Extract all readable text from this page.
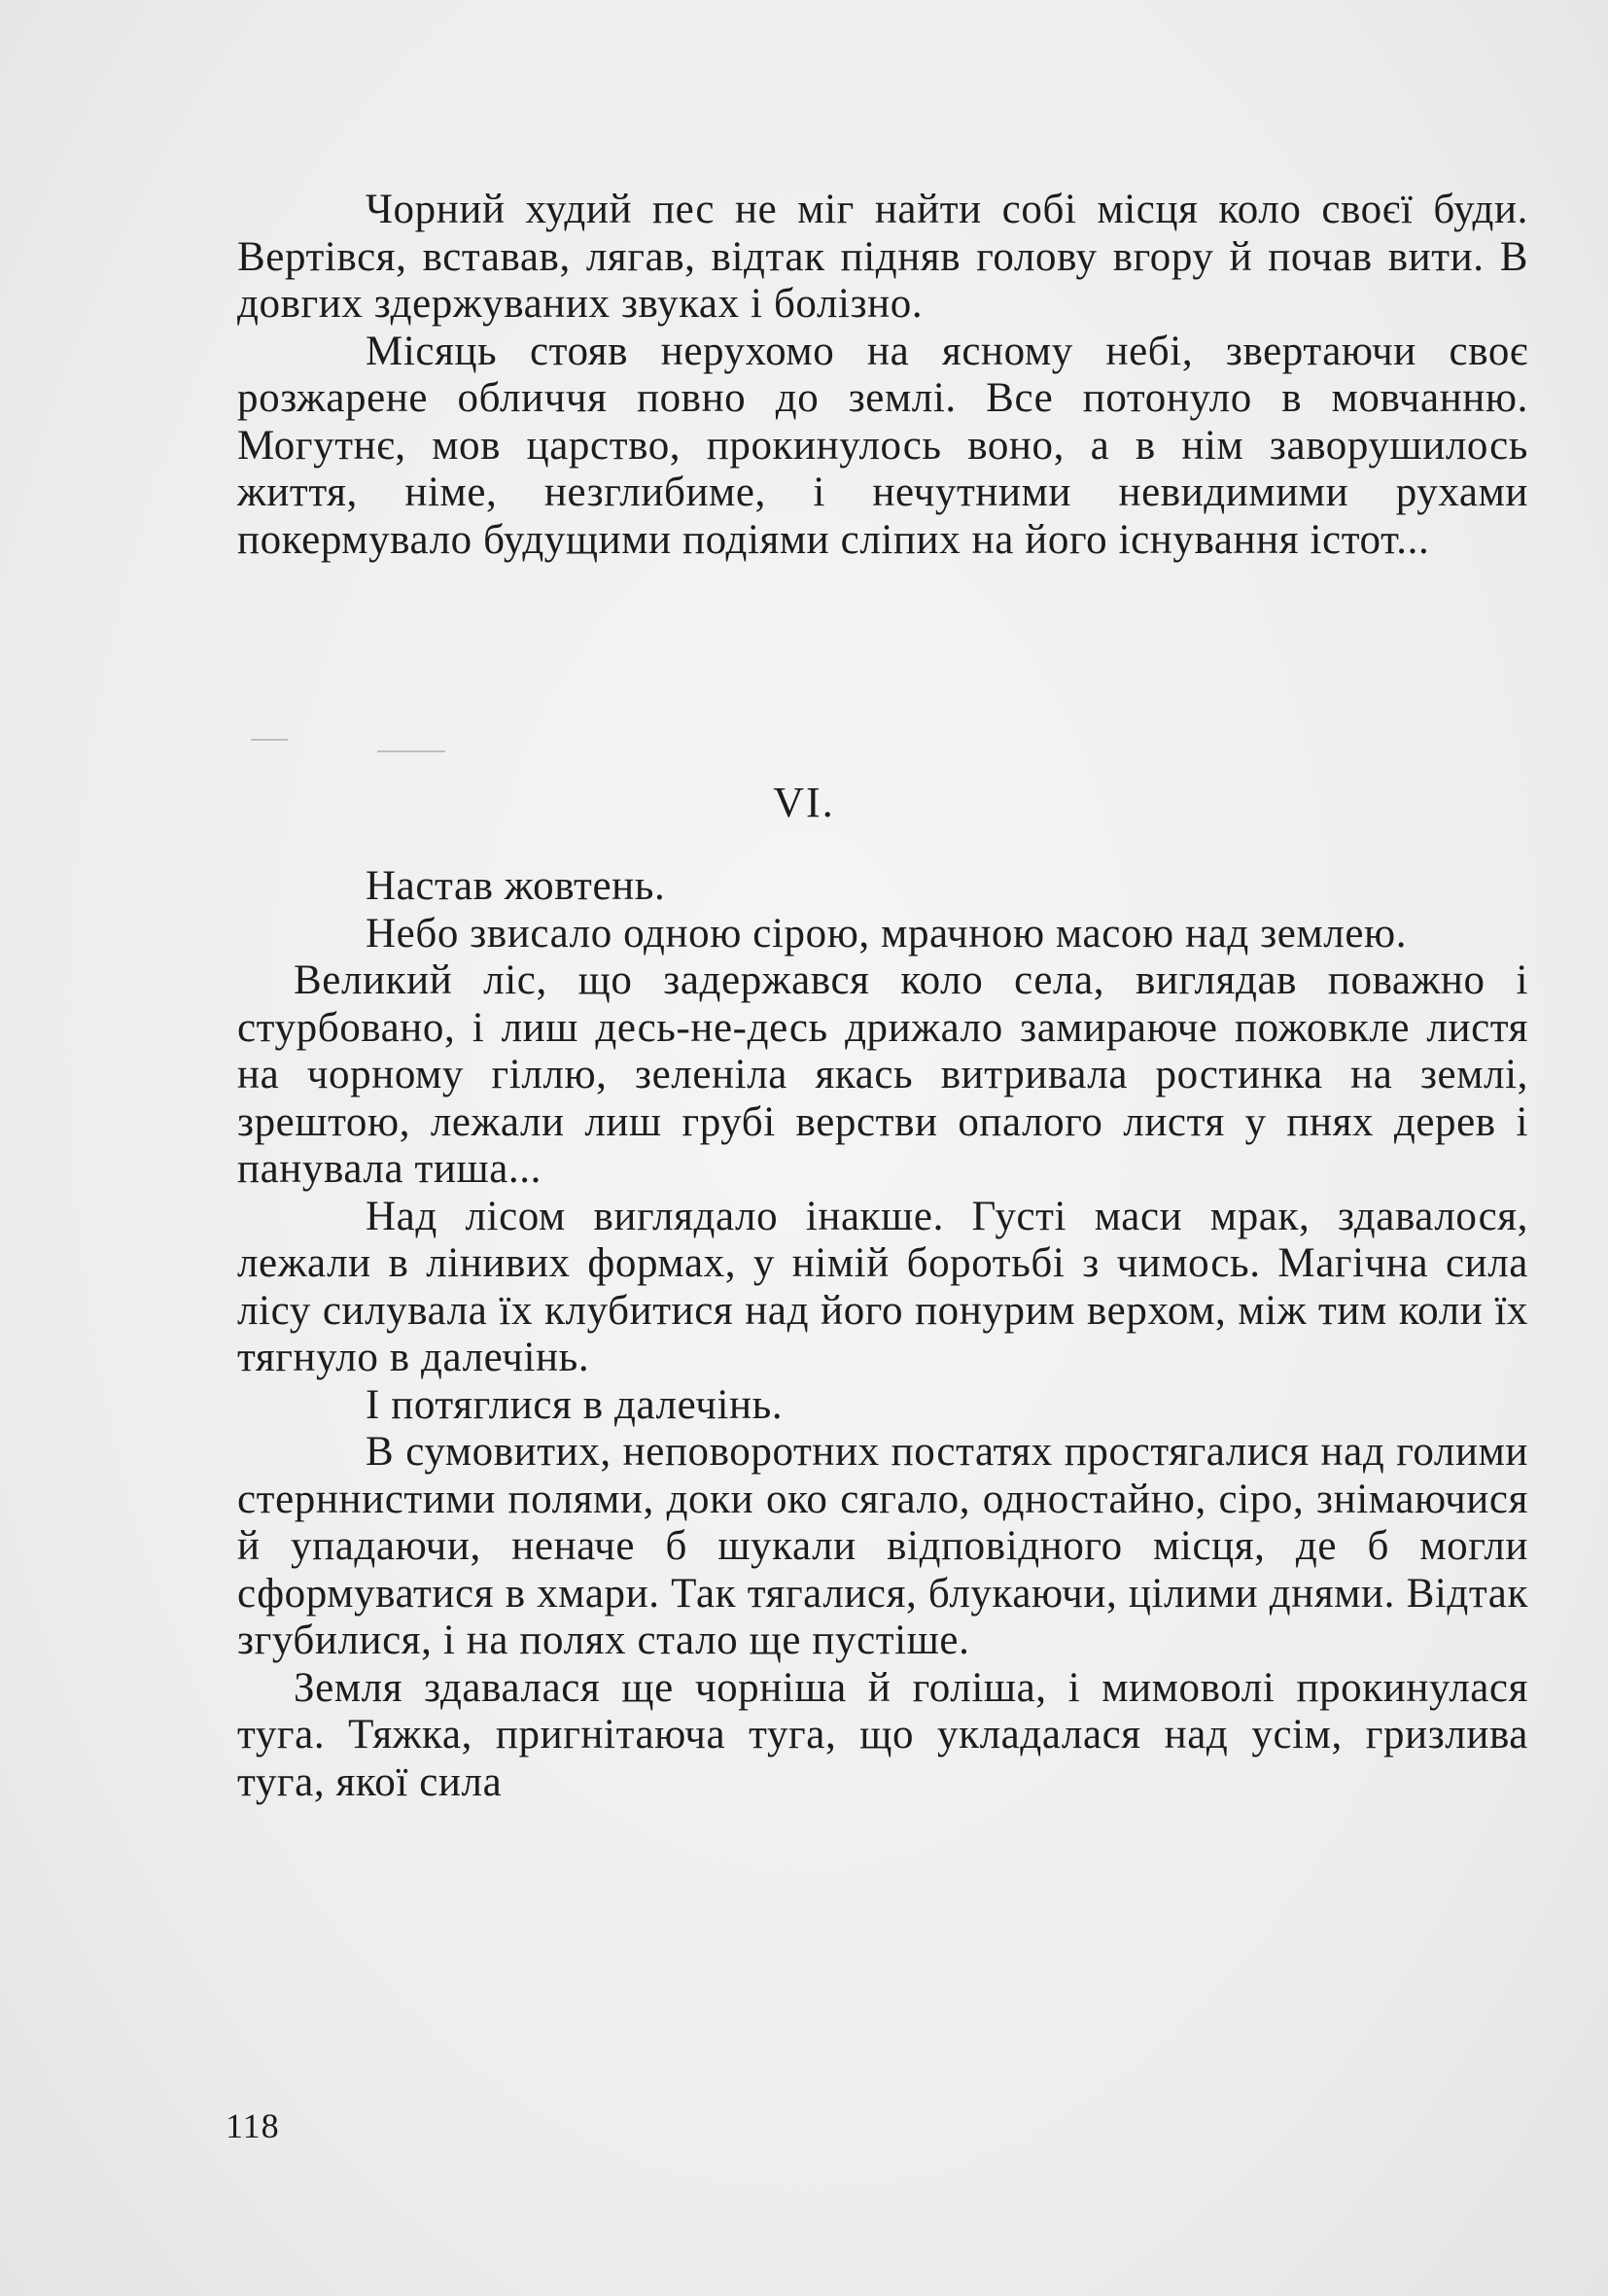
Чорний худий пес не міг найти собі місця коло своєї буди. Вертівся, вставав, лягав, відтак підняв голову вгору й почав вити. В довгих здержуваних звуках і болізно.

Місяць стояв нерухомо на ясному небі, звертаючи своє розжарене обличчя повно до землі. Все потонуло в мовчанню. Могутнє, мов царство, прокинулось воно, а в нім заворушилось життя, німе, незглибиме, і нечутними невидимими рухами покермувало будущими подіями сліпих на його існування істот...

VI.

Настав жовтень.

Небо звисало одною сірою, мрачною масою над землею.

Великий ліс, що задержався коло села, виглядав поважно і стурбовано, і лиш десь-не-десь дрижало замираюче пожовкле листя на чорному гіллю, зеленіла якась витривала ростинка на землі, зрештою, лежали лиш грубі верстви опалого листя у пнях дерев і панувала тиша...

Над лісом виглядало інакше. Густі маси мрак, здавалося, лежали в лінивих формах, у німій боротьбі з чимось. Магічна сила лісу силувала їх клубитися над його понурим верхом, між тим коли їх тягнуло в далечінь.

І потяглися в далечінь.

В сумовитих, неповоротних постатях простягалися над голими стерннистими полями, доки око сягало, одностайно, сіро, знімаючися й упадаючи, неначе б шукали відповідного місця, де б могли сформуватися в хмари. Так тягалися, блукаючи, цілими днями. Відтак згубилися, і на полях стало ще пустіше.

Земля здавалася ще чорніша й голіша, і мимоволі прокинулася туга. Тяжка, пригнітаюча туга, що укладалася над усім, гризлива туга, якої сила

118
